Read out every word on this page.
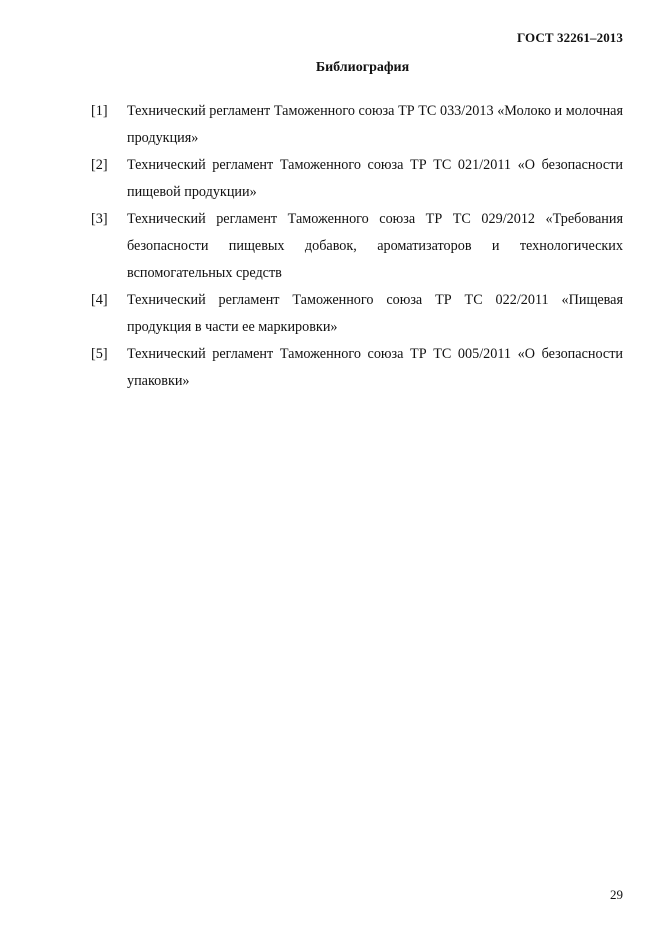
ГОСТ 32261–2013
Библиография
[1] Технический регламент Таможенного союза ТР ТС 033/2013 «Молоко и молочная продукция»
[2] Технический регламент Таможенного союза ТР ТС 021/2011 «О безопасности пищевой продукции»
[3] Технический регламент Таможенного союза ТР ТС 029/2012 «Требования безопасности пищевых добавок, ароматизаторов и технологических вспомогательных средств
[4] Технический регламент Таможенного союза ТР ТС 022/2011 «Пищевая продукция в части ее маркировки»
[5] Технический регламент Таможенного союза ТР ТС 005/2011 «О безопасности упаковки»
29
